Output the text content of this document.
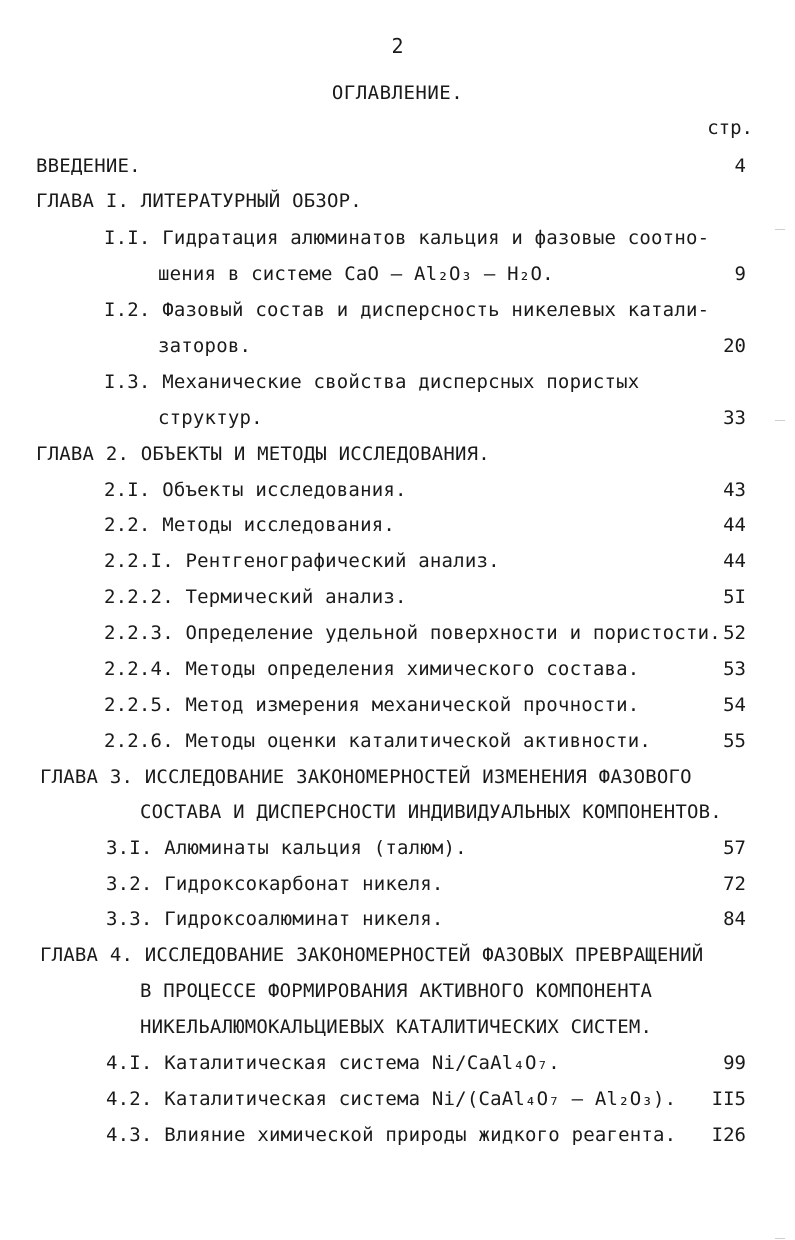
2
ОГЛАВЛЕНИЕ.
стр.
ВВЕДЕНИЕ.	4
ГЛАВА I. ЛИТЕРАТУРНЫЙ ОБЗОР.
I.I. Гидратация алюминатов кальция и фазовые соотно-
шения в системе CaO – Al₂O₃ – H₂O.	9
I.2. Фазовый состав и дисперсность никелевых катали-
заторов.	20
I.3. Механические свойства дисперсных пористых
структур.	33
ГЛАВА 2. ОБЪЕКТЫ И МЕТОДЫ ИССЛЕДОВАНИЯ.
2.I. Объекты исследования.	43
2.2. Методы исследования.	44
2.2.I. Рентгенографический анализ.	44
2.2.2. Термический анализ.	5I
2.2.3. Определение удельной поверхности и пористости. 52
2.2.4. Методы определения химического состава.	53
2.2.5. Метод измерения механической прочности.	54
2.2.6. Методы оценки каталитической активности.	55
ГЛАВА 3. ИССЛЕДОВАНИЕ ЗАКОНОМЕРНОСТЕЙ ИЗМЕНЕНИЯ ФАЗОВОГО
СОСТАВА И ДИСПЕРСНОСТИ ИНДИВИДУАЛЬНЫХ КОМПОНЕНТОВ.
3.I. Алюминаты кальция (талюм).	57
3.2. Гидроксокарбонат никеля.	72
3.3. Гидроксоалюминат никеля.	84
ГЛАВА 4. ИССЛЕДОВАНИЕ ЗАКОНОМЕРНОСТЕЙ ФАЗОВЫХ ПРЕВРАЩЕНИЙ
В ПРОЦЕССЕ ФОРМИРОВАНИЯ АКТИВНОГО КОМПОНЕНТА
НИКЕЛЬАЛЮМОКАЛЬЦИЕВЫХ КАТАЛИТИЧЕСКИХ СИСТЕМ.
4.I. Каталитическая система Ni/CaAl₄O₇.	99
4.2. Каталитическая система Ni/(CaAl₄O₇ – Al₂O₃).	II5
4.3. Влияние химической природы жидкого реагента.	I26
